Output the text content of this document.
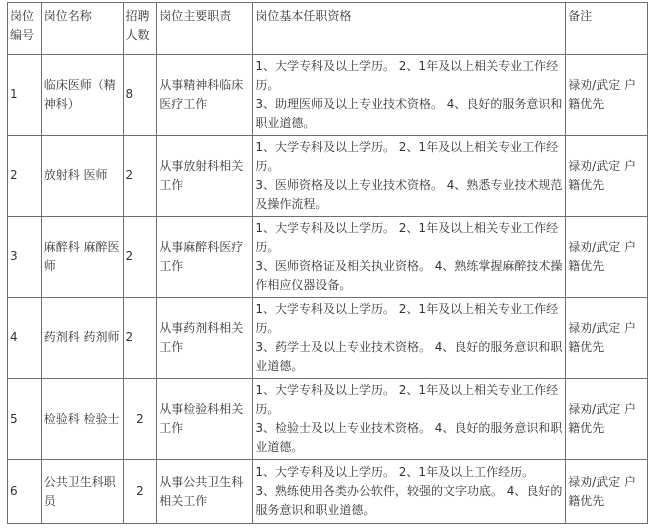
岗位编号	岗位名称	招聘人数	岗位主要职责	岗位基本任职资格	备注
1	临床医师（精神科）	8	从事精神科临床医疗工作	1、大学专科及以上学历。 2、1年及以上相关专业工作经历。
3、助理医师及以上专业技术资格。 4、良好的服务意识和职业道德。	禄劝/武定 户籍优先
2	放射科 医师	2	从事放射科相关工作	1、大学专科及以上学历。 2、1年及以上相关专业工作经历。
3、医师资格及以上专业技术资格。 4、熟悉专业技术规范及操作流程。	禄劝/武定 户籍优先
3	麻醉科 麻醉医师	2	从事麻醉科医疗工作	1、大学专科及以上学历。 2、1年及以上相关专业工作经历。
3、医师资格证及相关执业资格。 4、熟练掌握麻醉技术操作相应仪器设备。	禄劝/武定 户籍优先
4	药剂科 药剂师	2	从事药剂科相关工作	1、大学专科及以上学历。 2、1年及以上相关专业工作经历。
3、药学士及以上专业技术资格。 4、良好的服务意识和职业道德。	禄劝/武定 户籍优先
5	检验科 检验士	2	从事检验科相关工作	1、大学专科及以上学历。 2、1年及以上相关专业工作经历。
3、检验士及以上专业技术资格。 4、良好的服务意识和职业道德。	禄劝/武定 户籍优先
6	公共卫生科职员	2	从事公共卫生科相关工作	1、大学专科及以上学历。 2、1年及以上工作经历。
3、熟练使用各类办公软件，较强的文字功底。 4、良好的服务意识和职业道德。	禄劝/武定 户籍优先
